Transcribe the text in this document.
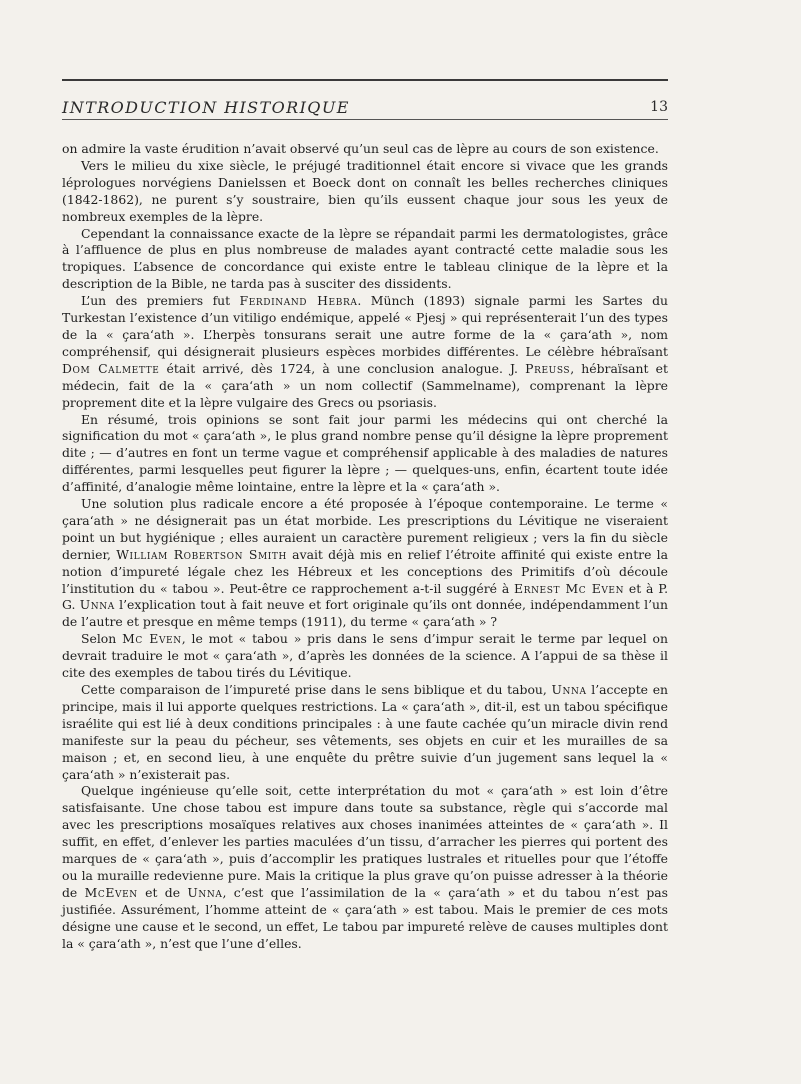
INTRODUCTION HISTORIQUE	13

on admire la vaste érudition n’avait observé qu’un seul cas de lèpre au cours de son existence.

Vers le milieu du xixe siècle, le préjugé traditionnel était encore si vivace que les grands léprologues norvégiens Danielssen et Boeck dont on connaît les belles recherches cliniques (1842-1862), ne purent s’y soustraire, bien qu’ils eussent chaque jour sous les yeux de nombreux exemples de la lèpre.

Cependant la connaissance exacte de la lèpre se répandait parmi les dermatologistes, grâce à l’affluence de plus en plus nombreuse de malades ayant contracté cette maladie sous les tropiques. L’absence de concordance qui existe entre le tableau clinique de la lèpre et la description de la Bible, ne tarda pas à susciter des dissidents.

L’un des premiers fut Ferdinand Hebra. Münch (1893) signale parmi les Sartes du Turkestan l’existence d’un vitiligo endémique, appelé « Pjesj » qui représenterait l’un des types de la « çara‘ath ». L’herpès tonsurans serait une autre forme de la « çara‘ath », nom compréhensif, qui désignerait plusieurs espèces morbides différentes. Le célèbre hébraïsant Dom Calmette était arrivé, dès 1724, à une conclusion analogue. J. Preuss, hébraïsant et médecin, fait de la « çara‘ath » un nom collectif (Sammelname), comprenant la lèpre proprement dite et la lèpre vulgaire des Grecs ou psoriasis.

En résumé, trois opinions se sont fait jour parmi les médecins qui ont cherché la signification du mot « çara‘ath », le plus grand nombre pense qu’il désigne la lèpre proprement dite ; — d’autres en font un terme vague et compréhensif applicable à des maladies de natures différentes, parmi lesquelles peut figurer la lèpre ; — quelques-uns, enfin, écartent toute idée d’affinité, d’analogie même lointaine, entre la lèpre et la « çara‘ath ».

Une solution plus radicale encore a été proposée à l’époque contemporaine. Le terme « çara‘ath » ne désignerait pas un état morbide. Les prescriptions du Lévitique ne viseraient point un but hygiénique ; elles auraient un caractère purement religieux ; vers la fin du siècle dernier, William Robertson Smith avait déjà mis en relief l’étroite affinité qui existe entre la notion d’impureté légale chez les Hébreux et les conceptions des Primitifs d’où découle l’institution du « tabou ». Peut-être ce rapprochement a-t-il suggéré à Ernest Mc Even et à P. G. Unna l’explication tout à fait neuve et fort originale qu’ils ont donnée, indépendamment l’un de l’autre et presque en même temps (1911), du terme « çara‘ath » ?

Selon Mc Even, le mot « tabou » pris dans le sens d’impur serait le terme par lequel on devrait traduire le mot « çara‘ath », d’après les données de la science. A l’appui de sa thèse il cite des exemples de tabou tirés du Lévitique.

Cette comparaison de l’impureté prise dans le sens biblique et du tabou, Unna l’accepte en principe, mais il lui apporte quelques restrictions. La « çara‘ath », dit-il, est un tabou spécifique israélite qui est lié à deux conditions principales : à une faute cachée qu’un miracle divin rend manifeste sur la peau du pécheur, ses vêtements, ses objets en cuir et les murailles de sa maison ; et, en second lieu, à une enquête du prêtre suivie d’un jugement sans lequel la « çara‘ath » n’existerait pas.

Quelque ingénieuse qu’elle soit, cette interprétation du mot « çara‘ath » est loin d’être satisfaisante. Une chose tabou est impure dans toute sa substance, règle qui s’accorde mal avec les prescriptions mosaïques relatives aux choses inanimées atteintes de « çara‘ath ». Il suffit, en effet, d’enlever les parties maculées d’un tissu, d’arracher les pierres qui portent des marques de « çara‘ath », puis d’accomplir les pratiques lustrales et rituelles pour que l’étoffe ou la muraille redevienne pure. Mais la critique la plus grave qu’on puisse adresser à la théorie de McEven et de Unna, c’est que l’assimilation de la « çara‘ath » et du tabou n’est pas justifiée. Assurément, l’homme atteint de « çara‘ath » est tabou. Mais le premier de ces mots désigne une cause et le second, un effet, Le tabou par impureté relève de causes multiples dont la « çara‘ath », n’est que l’une d’elles.
